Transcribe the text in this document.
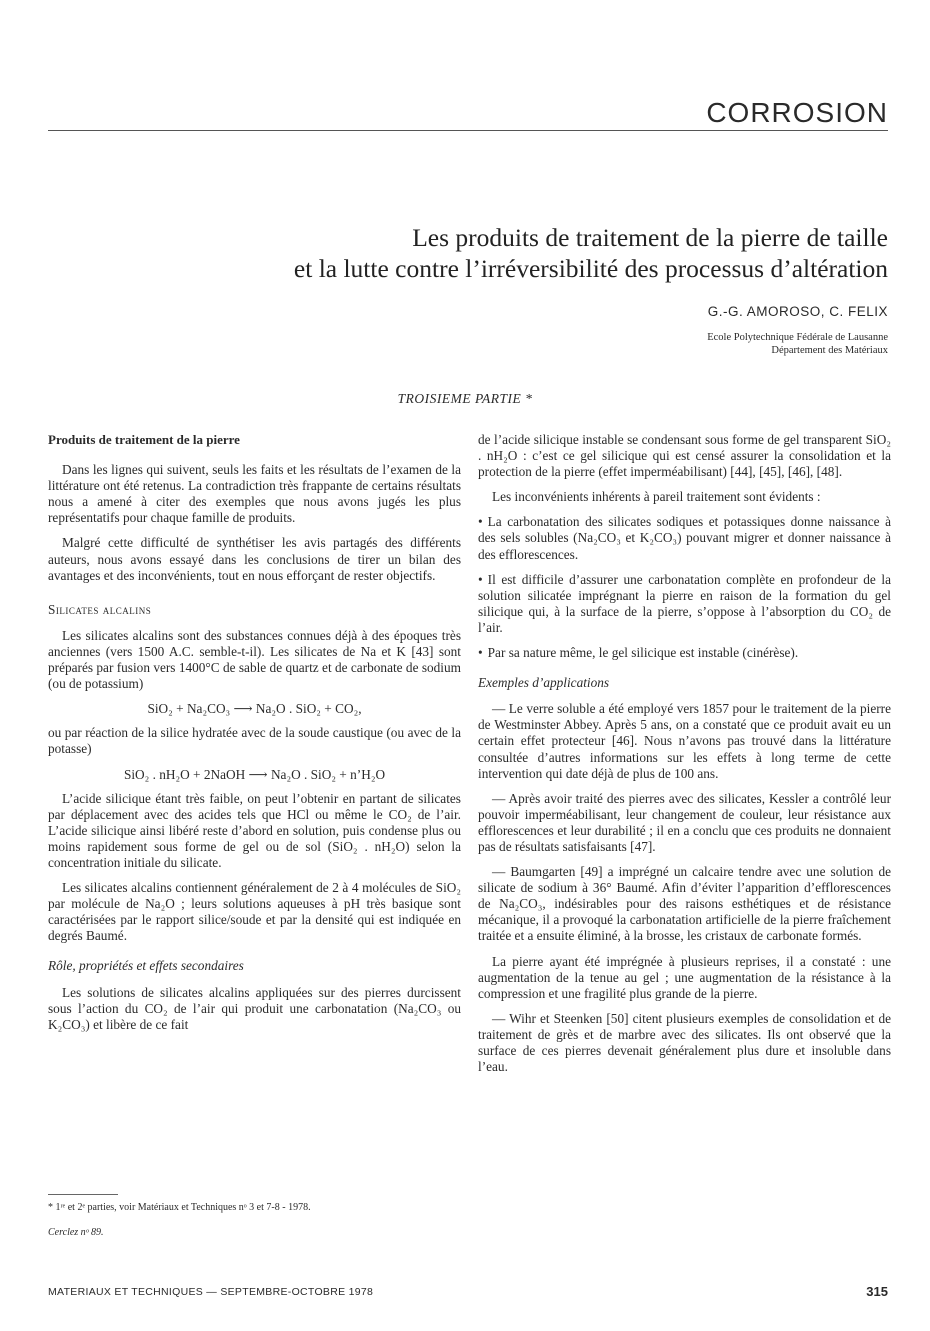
CORROSION
Les produits de traitement de la pierre de taille
et la lutte contre l’irréversibilité des processus d’altération
G.-G. AMOROSO, C. FELIX
Ecole Polytechnique Fédérale de Lausanne
Département des Matériaux
TROISIEME PARTIE *

Produits de traitement de la pierre

Dans les lignes qui suivent, seuls les faits et les résultats de l’examen de la littérature ont été retenus. La contradiction très frappante de certains résultats nous a amené à citer des exemples que nous avons jugés les plus représentatifs pour chaque famille de produits.

Malgré cette difficulté de synthétiser les avis partagés des différents auteurs, nous avons essayé dans les conclusions de tirer un bilan des avantages et des inconvénients, tout en nous efforçant de rester objectifs.

Silicates alcalins

Les silicates alcalins sont des substances connues déjà à des époques très anciennes (vers 1500 A.C. semble-t-il). Les silicates de Na et K [43] sont préparés par fusion vers 1400°C de sable de quartz et de carbonate de sodium (ou de potassium)

SiO₂ + Na₂CO₃ ⟶ Na₂O . SiO₂ + CO₂,

ou par réaction de la silice hydratée avec de la soude caustique (ou avec de la potasse)

SiO₂ . nH₂O + 2NaOH ⟶ Na₂O . SiO₂ + n’H₂O

L’acide silicique étant très faible, on peut l’obtenir en partant de silicates par déplacement avec des acides tels que HCl ou même le CO₂ de l’air. L’acide silicique ainsi libéré reste d’abord en solution, puis condense plus ou moins rapidement sous forme de gel ou de sol (SiO₂ . nH₂O) selon la concentration initiale du silicate.

Les silicates alcalins contiennent généralement de 2 à 4 molécules de SiO₂ par molécule de Na₂O ; leurs solutions aqueuses à pH très basique sont caractérisées par le rapport silice/soude et par la densité qui est indiquée en degrés Baumé.

Rôle, propriétés et effets secondaires

Les solutions de silicates alcalins appliquées sur des pierres durcissent sous l’action du CO₂ de l’air qui produit une carbonatation (Na₂CO₃ ou K₂CO₃) et libère de ce fait

de l’acide silicique instable se condensant sous forme de gel transparent SiO₂ . nH₂O : c’est ce gel silicique qui est censé assurer la consolidation et la protection de la pierre (effet imperméabilisant) [44], [45], [46], [48].

Les inconvénients inhérents à pareil traitement sont évidents :

• La carbonatation des silicates sodiques et potassiques donne naissance à des sels solubles (Na₂CO₃ et K₂CO₃) pouvant migrer et donner naissance à des efflorescences.

• Il est difficile d’assurer une carbonatation complète en profondeur de la solution silicatée imprégnant la pierre en raison de la formation du gel silicique qui, à la surface de la pierre, s’oppose à l’absorption du CO₂ de l’air.

• Par sa nature même, le gel silicique est instable (cinérèse).

Exemples d’applications

— Le verre soluble a été employé vers 1857 pour le traitement de la pierre de Westminster Abbey. Après 5 ans, on a constaté que ce produit avait eu un certain effet protecteur [46]. Nous n’avons pas trouvé dans la littérature consultée d’autres informations sur les effets à long terme de cette intervention qui date déjà de plus de 100 ans.

— Après avoir traité des pierres avec des silicates, Kessler a contrôlé leur pouvoir imperméabilisant, leur changement de couleur, leur résistance aux efflorescences et leur durabilité ; il en a conclu que ces produits ne donnaient pas de résultats satisfaisants [47].

— Baumgarten [49] a imprégné un calcaire tendre avec une solution de silicate de sodium à 36° Baumé. Afin d’éviter l’apparition d’efflorescences de Na₂CO₃, indésirables pour des raisons esthétiques et de résistance mécanique, il a provoqué la carbonatation artificielle de la pierre fraîchement traitée et a ensuite éliminé, à la brosse, les cristaux de carbonate formés.

La pierre ayant été imprégnée à plusieurs reprises, il a constaté : une augmentation de la tenue au gel ; une augmentation de la résistance à la compression et une fragilité plus grande de la pierre.

— Wihr et Steenken [50] citent plusieurs exemples de consolidation et de traitement de grès et de marbre avec des silicates. Ils ont observé que la surface de ces pierres devenait généralement plus dure et insoluble dans l’eau.

* 1ʳᵉ et 2ᵉ parties, voir Matériaux et Techniques nᵒ 3 et 7-8 - 1978.
Cerclez nᵒ 89.
MATERIAUX ET TECHNIQUES — SEPTEMBRE-OCTOBRE 1978	315
